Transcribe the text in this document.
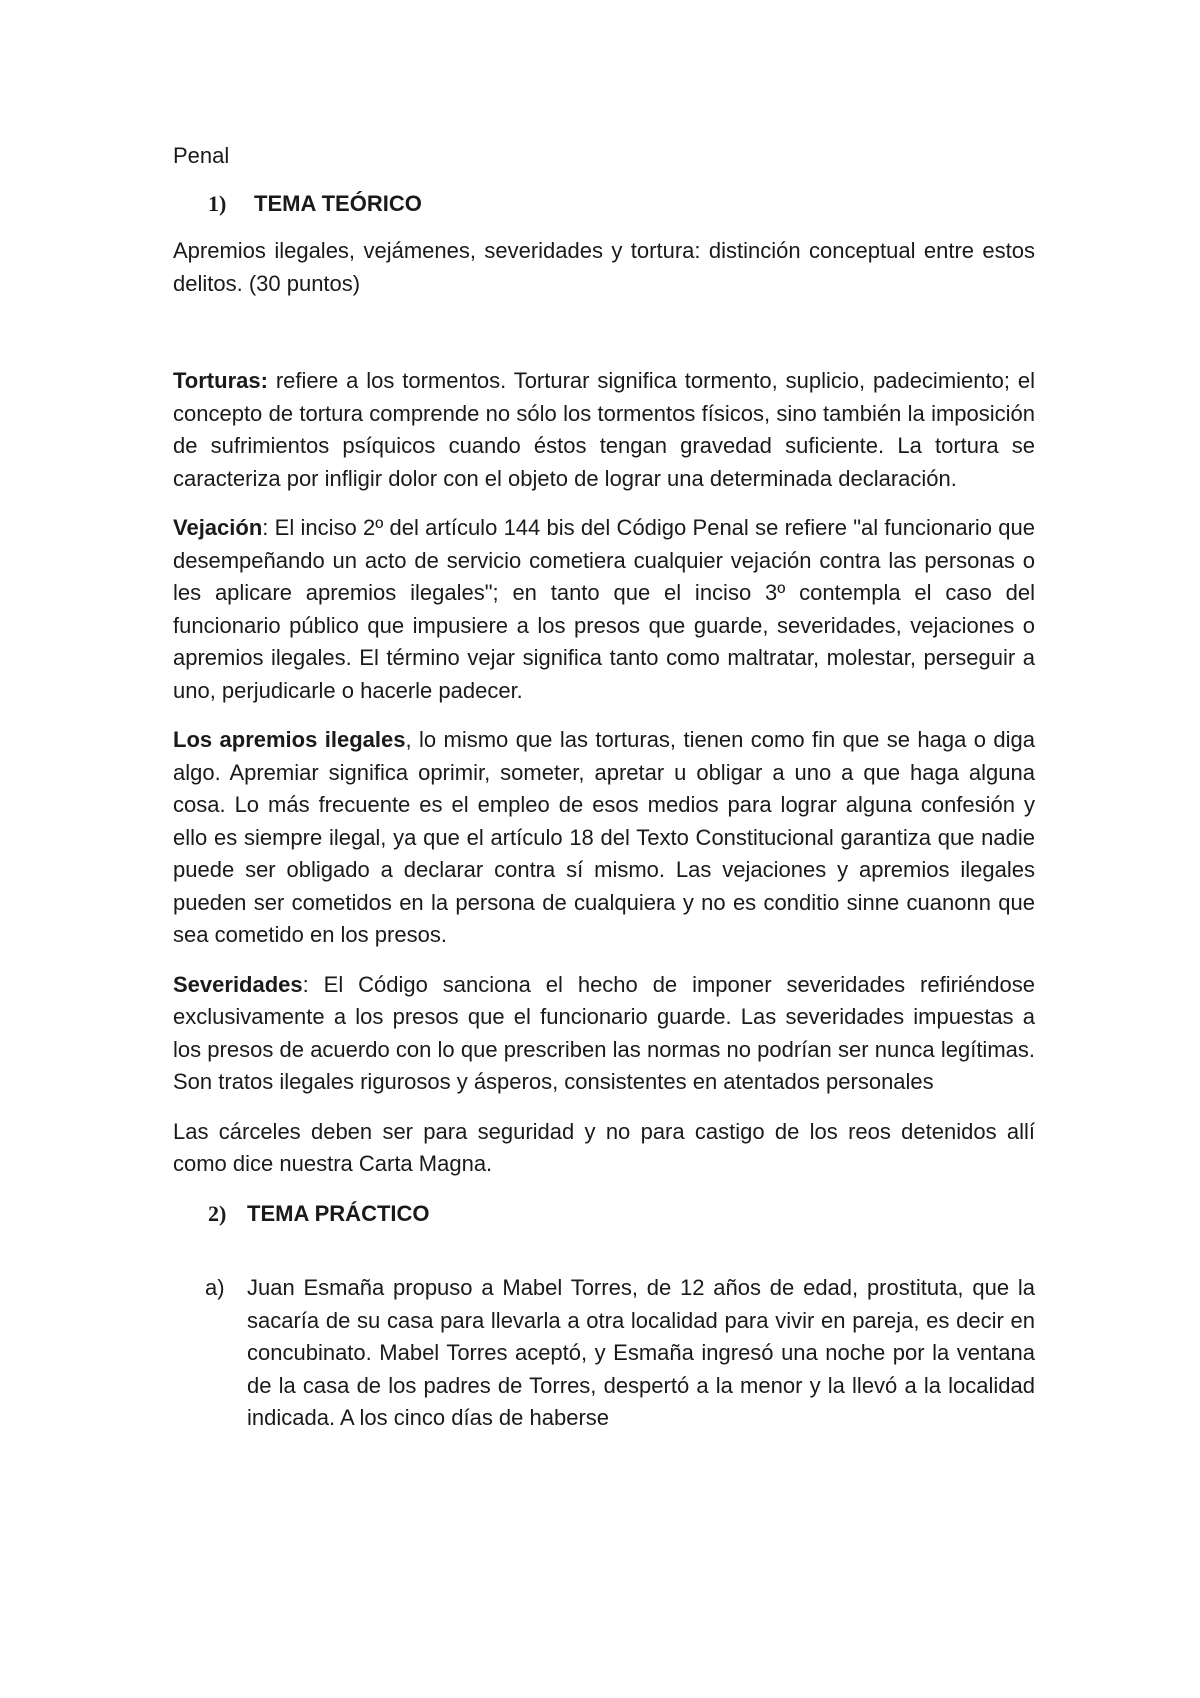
Penal
1)	TEMA TEÓRICO

Apremios ilegales, vejámenes, severidades y tortura: distinción conceptual entre estos delitos. (30 puntos)

Torturas: refiere a los tormentos. Torturar significa tormento, suplicio, padecimiento; el concepto de tortura comprende no sólo los tormentos físicos, sino también la imposición de sufrimientos psíquicos cuando éstos tengan gravedad suficiente. La tortura se caracteriza por infligir dolor con el objeto de lograr una determinada declaración.

Vejación: El inciso 2º del artículo 144 bis del Código Penal se refiere "al funcionario que desempeñando un acto de servicio cometiera cualquier vejación contra las personas o les aplicare apremios ilegales"; en tanto que el inciso 3º contempla el caso del funcionario público que impusiere a los presos que guarde, severidades, vejaciones o apremios ilegales. El término vejar significa tanto como maltratar, molestar, perseguir a uno, perjudicarle o hacerle padecer.

Los apremios ilegales, lo mismo que las torturas, tienen como fin que se haga o diga algo. Apremiar significa oprimir, someter, apretar u obligar a uno a que haga alguna cosa. Lo más frecuente es el empleo de esos medios para lograr alguna confesión y ello es siempre ilegal, ya que el artículo 18 del Texto Constitucional garantiza que nadie puede ser obligado a declarar contra sí mismo. Las vejaciones y apremios ilegales pueden ser cometidos en la persona de cualquiera y no es conditio sinne cuanonn que sea cometido en los presos.

Severidades: El Código sanciona el hecho de imponer severidades refiriéndose exclusivamente a los presos que el funcionario guarde. Las severidades impuestas a los presos de acuerdo con lo que prescriben las normas no podrían ser nunca legítimas. Son tratos ilegales rigurosos y ásperos, consistentes en atentados personales

Las cárceles deben ser para seguridad y no para castigo de los reos detenidos allí como dice nuestra Carta Magna.

2) TEMA PRÁCTICO
a)	Juan Esmaña propuso a Mabel Torres, de 12 años de edad, prostituta, que la sacaría de su casa para llevarla a otra localidad para vivir en pareja, es decir en concubinato. Mabel Torres aceptó, y Esmaña ingresó una noche por la ventana de la casa de los padres de Torres, despertó a la menor y la llevó a la localidad indicada. A los cinco días de haberse
